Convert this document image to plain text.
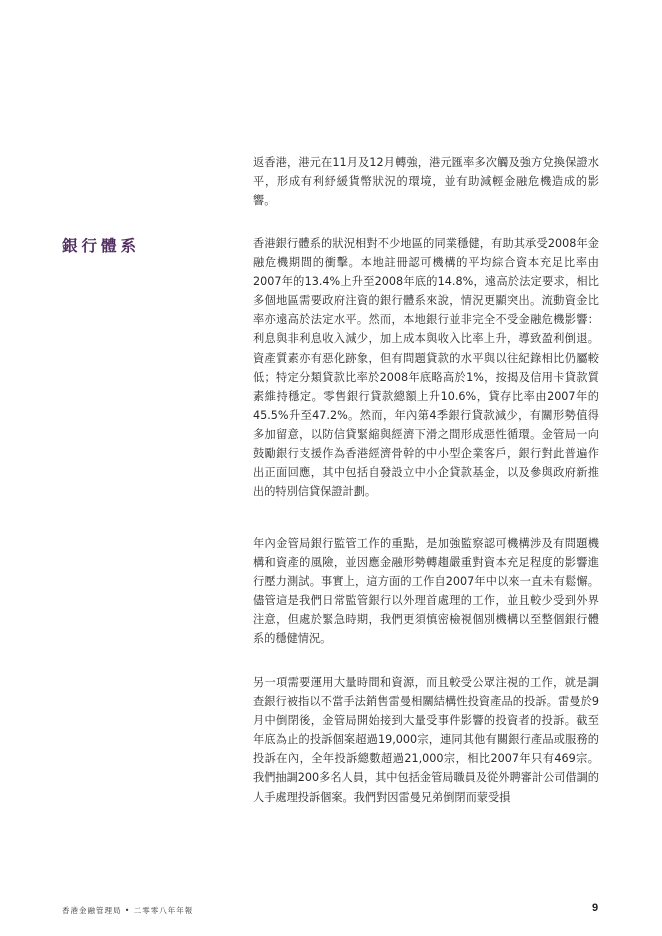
銀行體系

返香港，港元在11月及12月轉強，港元匯率多次觸及強方兌換保證水平，形成有利紓緩貨幣狀況的環境，並有助減輕金融危機造成的影響。

香港銀行體系的狀況相對不少地區的同業穩健，有助其承受2008年金融危機期間的衝擊。本地註冊認可機構的平均綜合資本充足比率由2007年的13.4%上升至2008年底的14.8%，遠高於法定要求，相比多個地區需要政府注資的銀行體系來說，情況更顯突出。流動資金比率亦遠高於法定水平。然而，本地銀行並非完全不受金融危機影響：利息與非利息收入減少，加上成本與收入比率上升，導致盈利倒退。資產質素亦有惡化跡象，但有問題貸款的水平與以往紀錄相比仍屬較低；特定分類貸款比率於2008年底略高於1%，按揭及信用卡貸款質素維持穩定。零售銀行貸款總額上升10.6%，貸存比率由2007年的45.5%升至47.2%。然而，年內第4季銀行貸款減少，有關形勢值得多加留意，以防信貸緊縮與經濟下滑之間形成惡性循環。金管局一向鼓勵銀行支援作為香港經濟骨幹的中小型企業客戶，銀行對此普遍作出正面回應，其中包括自發設立中小企貸款基金，以及參與政府新推出的特別信貸保證計劃。

年內金管局銀行監管工作的重點，是加強監察認可機構涉及有問題機構和資產的風險，並因應金融形勢轉趨嚴重對資本充足程度的影響進行壓力測試。事實上，這方面的工作自2007年中以來一直未有鬆懈。儘管這是我們日常監管銀行以外理首處理的工作，並且較少受到外界注意，但處於緊急時期，我們更須慎密檢視個別機構以至整個銀行體系的穩健情況。

另一項需要運用大量時間和資源，而且較受公眾注視的工作，就是調查銀行被指以不當手法銷售雷曼相關結構性投資產品的投訴。雷曼於9月中倒閉後，金管局開始接到大量受事件影響的投資者的投訴。截至年底為止的投訴個案超過19,000宗，連同其他有關銀行產品或服務的投訴在內，全年投訴總數超過21,000宗，相比2007年只有469宗。我們抽調200多名人員，其中包括金管局職員及從外聘審計公司借調的人手處理投訴個案。我們對因雷曼兄弟倒閉而蒙受損

香港金融管理局 • 二零零八年年報	9
